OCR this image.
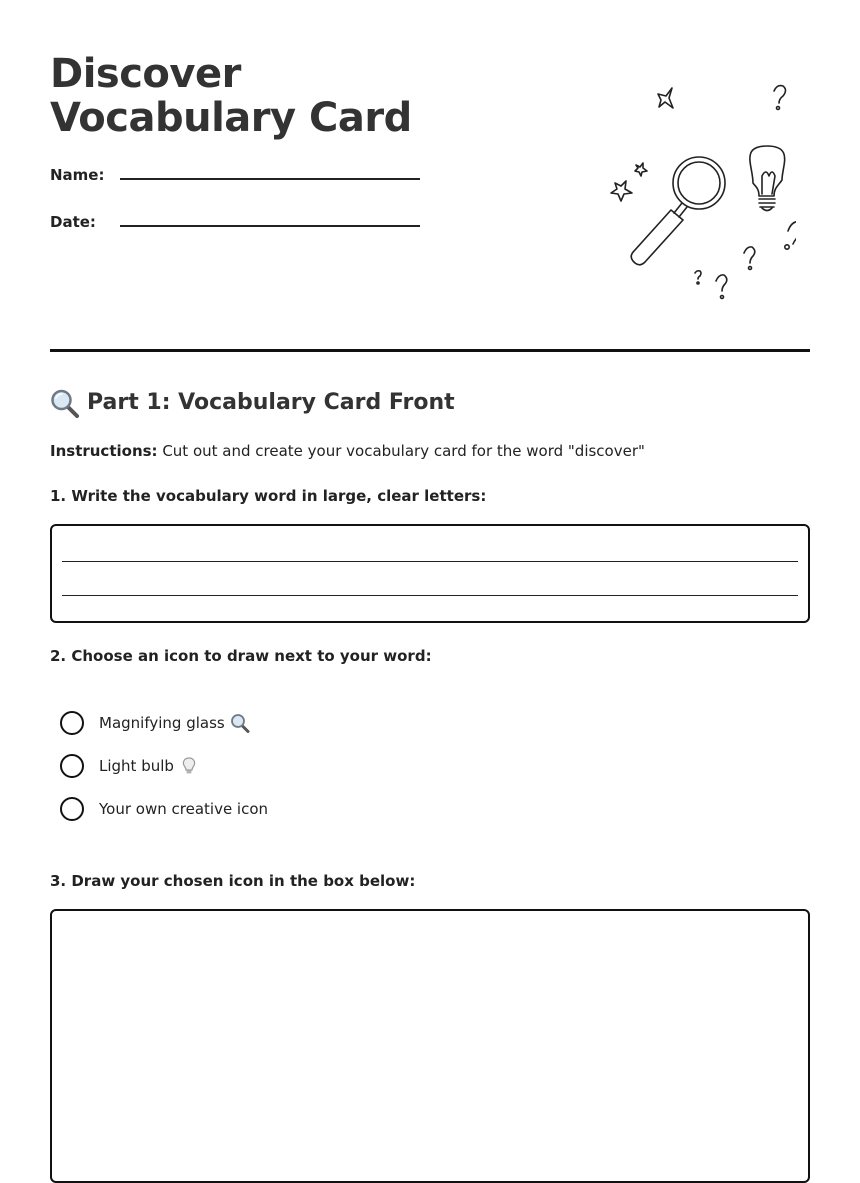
Discover Vocabulary Card
Name:
Date:
Part 1: Vocabulary Card Front
Instructions: Cut out and create your vocabulary card for the word "discover"
1. Write the vocabulary word in large, clear letters:
2. Choose an icon to draw next to your word:
Magnifying glass
Light bulb
Your own creative icon
3. Draw your chosen icon in the box below:
